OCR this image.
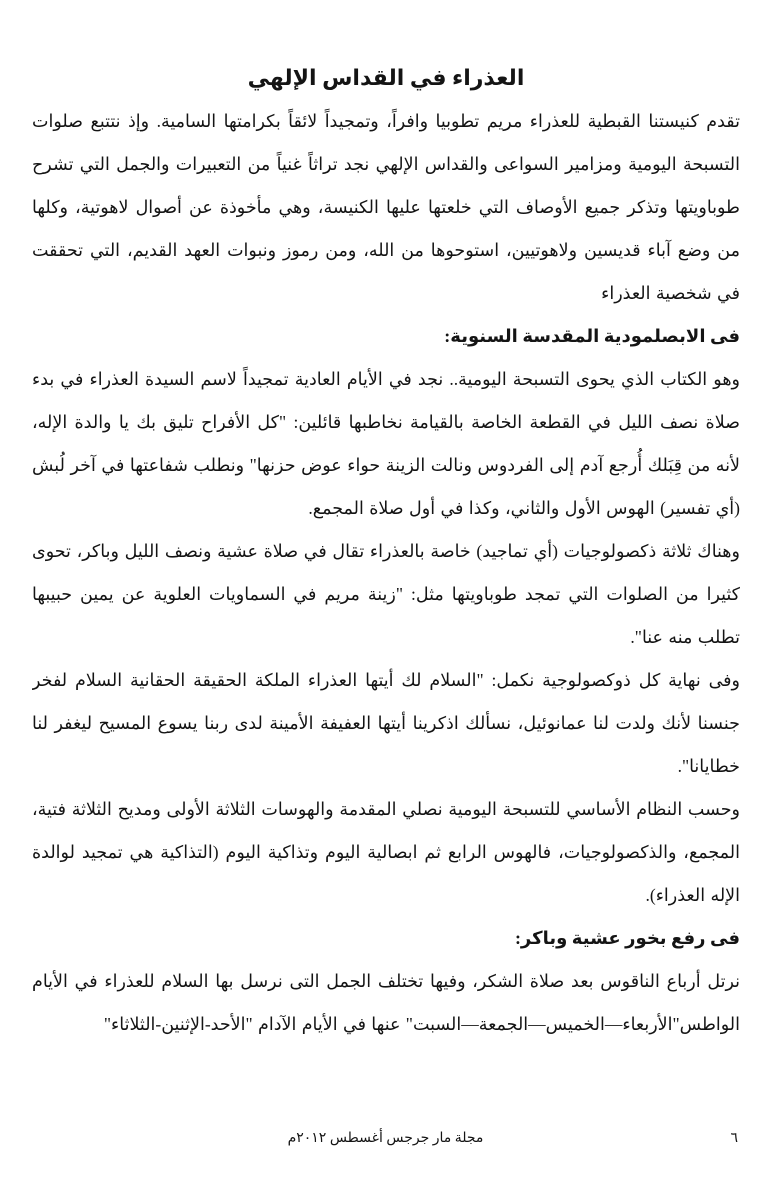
العذراء في القداس الإلهي

تقدم كنيستنا القبطية للعذراء مريم تطوبيا وافراً، وتمجيداً لائقاً بكرامتها السامية. وإذ نتتبع صلوات التسبحة اليومية ومزامير السواعى والقداس الإلهي نجد تراثاً غنياً من التعبيرات والجمل التي تشرح طوباويتها وتذكر جميع الأوصاف التي خلعتها عليها الكنيسة، وهي مأخوذة عن أصوال لاهوتية، وكلها من وضع آباء قديسين ولاهوتيين، استوحوها من الله، ومن رموز ونبوات العهد القديم، التي تحققت في شخصية العذراء

فى الابصلمودية المقدسة السنوية:

وهو الكتاب الذي يحوى التسبحة اليومية.. نجد في الأيام العادية تمجيداً لاسم السيدة العذراء في بدء صلاة نصف الليل في القطعة الخاصة بالقيامة نخاطبها قائلين: "كل الأفراح تليق بك يا والدة الإله، لأنه من قِبَلك أُرجع آدم إلى الفردوس ونالت الزينة حواء عوض حزنها" ونطلب شفاعتها في آخر لُبش (أي تفسير) الهوس الأول والثاني، وكذا في أول صلاة المجمع.

وهناك ثلاثة ذكصولوجيات (أي تماجيد) خاصة بالعذراء تقال في صلاة عشية ونصف الليل وباكر، تحوى كثيرا من الصلوات التي تمجد طوباويتها مثل: "زينة مريم في السماويات العلوية عن يمين حبيبها تطلب منه عنا".

وفى نهاية كل ذوكصولوجية نكمل: "السلام لك أيتها العذراء الملكة الحقيقة الحقانية السلام لفخر جنسنا لأنك ولدت لنا عمانوئيل، نسألك اذكرينا أيتها العفيفة الأمينة لدى ربنا يسوع المسيح ليغفر لنا خطايانا".

وحسب النظام الأساسي للتسبحة اليومية نصلي المقدمة والهوسات الثلاثة الأولى ومديح الثلاثة فتية، المجمع، والذكصولوجيات، فالهوس الرابع ثم ابصالية اليوم وتذاكية اليوم (التذاكية هي تمجيد لوالدة الإله العذراء).

فى رفع بخور عشية وباكر:

نرتل أرباع الناقوس بعد صلاة الشكر، وفيها تختلف الجمل التى نرسل بها السلام للعذراء في الأيام الواطس"الأربعاء—الخميس—الجمعة—السبت" عنها في الأيام الآدام "الأحد-الإثنين-الثلاثاء"

مجلة مار جرجس أغسطس ٢٠١٢م	٦
